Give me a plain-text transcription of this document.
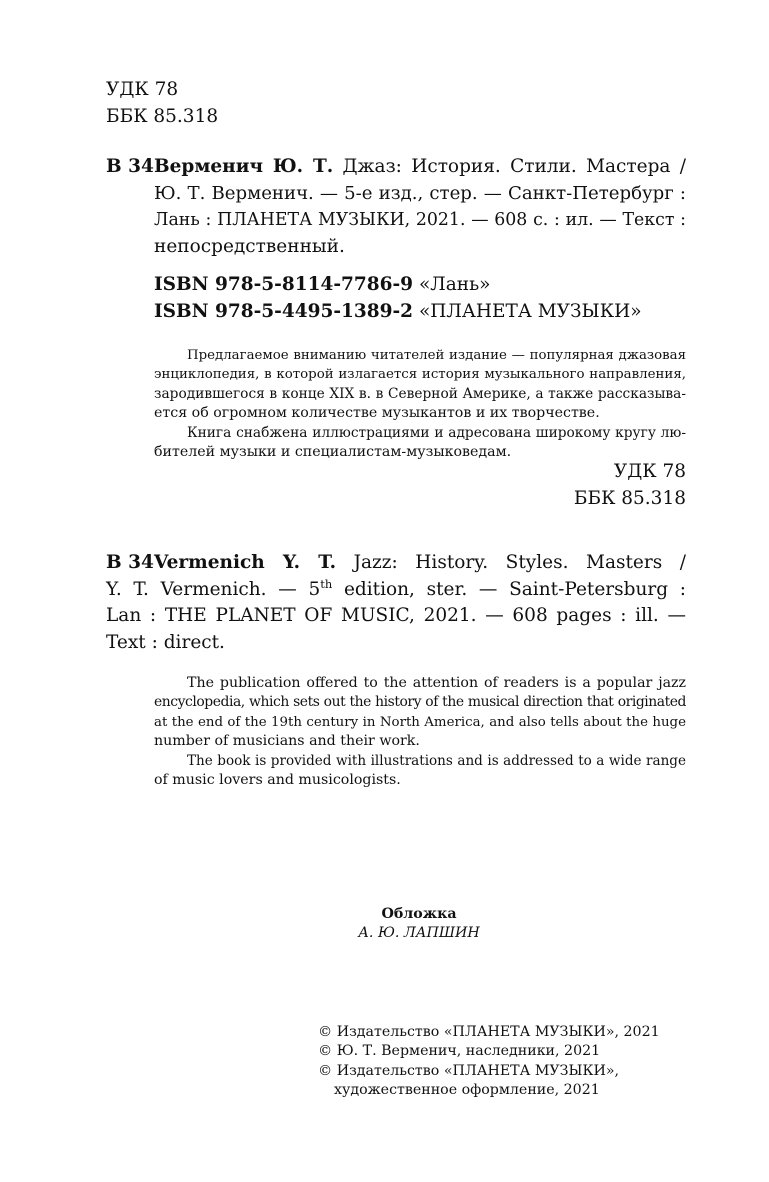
УДК 78
ББК 85.318
В 34 Верменич Ю. Т. Джаз: История. Стили. Мастера /
Ю. Т. Верменич. — 5-е изд., стер. — Санкт-Петербург :
Лань : ПЛАНЕТА МУЗЫКИ, 2021. — 608 с. : ил. — Текст :
непосредственный.
ISBN 978-5-8114-7786-9 «Лань»
ISBN 978-5-4495-1389-2 «ПЛАНЕТА МУЗЫКИ»
Предлагаемое вниманию читателей издание — популярная джазовая
энциклопедия, в которой излагается история музыкального направления,
зародившегося в конце XIX в. в Северной Америке, а также рассказыва-
ется об огромном количестве музыкантов и их творчестве.
Книга снабжена иллюстрациями и адресована широкому кругу лю-
бителей музыки и специалистам-музыковедам.
УДК 78
ББК 85.318
В 34 Vermenich Y. T. Jazz: History. Styles. Masters /
Y. T. Vermenich. — 5th edition, ster. — Saint-Petersburg :
Lan : THE PLANET OF MUSIC, 2021. — 608 pages : ill. —
Text : direct.
The publication offered to the attention of readers is a popular jazz
encyclopedia, which sets out the history of the musical direction that originated
at the end of the 19th century in North America, and also tells about the huge
number of musicians and their work.
The book is provided with illustrations and is addressed to a wide range
of music lovers and musicologists.
Обложка
А. Ю. ЛАПШИН
© Издательство «ПЛАНЕТА МУЗЫКИ», 2021
© Ю. Т. Верменич, наследники, 2021
© Издательство «ПЛАНЕТА МУЗЫКИ»,
художественное оформление, 2021
